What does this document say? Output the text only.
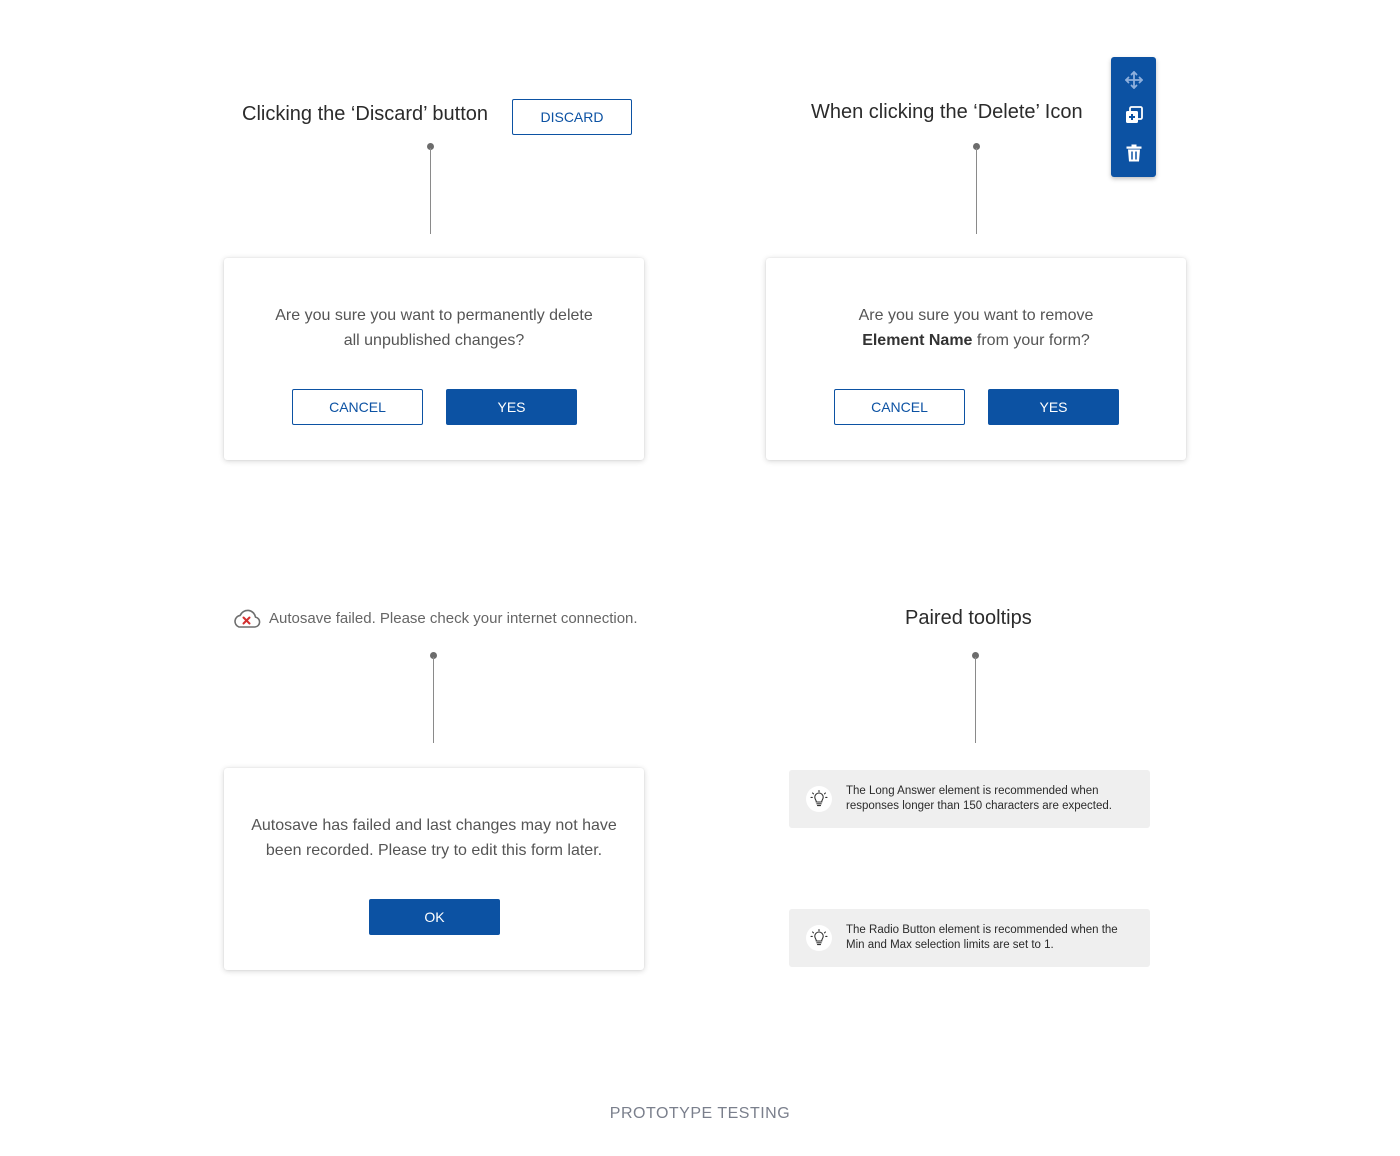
Clicking the ‘Discard’ button	DISCARD
Are you sure you want to permanently delete
all unpublished changes?
CANCEL	YES
When clicking the ‘Delete’ Icon
Are you sure you want to remove
Element Name from your form?
CANCEL	YES
Autosave failed. Please check your internet connection.
Autosave has failed and last changes may not have
been recorded. Please try to edit this form later.
OK
Paired tooltips
The Long Answer element is recommended when
responses longer than 150 characters are expected.
The Radio Button element is recommended when the
Min and Max selection limits are set to 1.
PROTOTYPE TESTING
